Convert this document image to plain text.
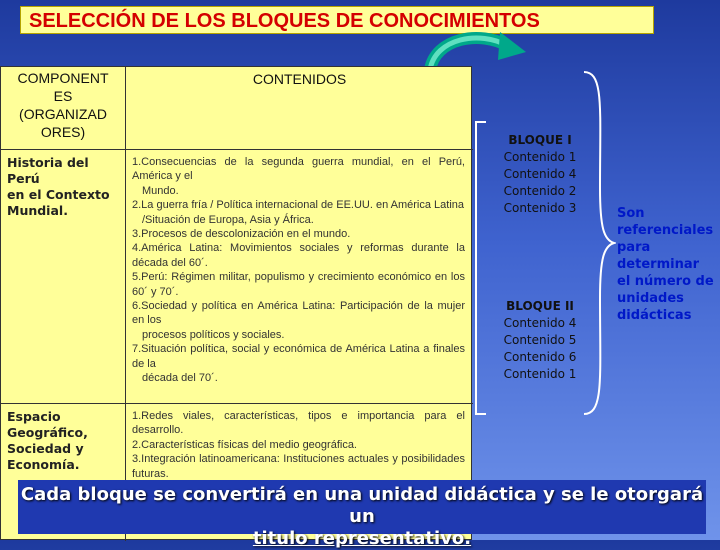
SELECCIÓN DE LOS BLOQUES DE CONOCIMIENTOS
COMPONENT
ES
(ORGANIZAD
ORES)
CONTENIDOS
Historia del Perú
en el Contexto
Mundial.
1.Consecuencias de la segunda guerra mundial, en el Perú, América y el
Mundo.
2.La guerra fría / Política internacional de EE.UU. en América Latina
/Situación de Europa, Asia y África.
3.Procesos de descolonización en el mundo.
4.América Latina: Movimientos sociales y reformas durante la década del 60´.
5.Perú: Régimen militar, populismo y crecimiento económico en los 60´ y 70´.
6.Sociedad y política en América Latina: Participación de la mujer en los
procesos políticos y sociales.
7.Situación política, social y económica de América Latina a finales de la
década del 70´.
Espacio
Geográfico,
Sociedad y
Economía.
1.Redes viales, características, tipos e importancia para el desarrollo.
2.Características físicas del medio geográfica.
3.Integración latinoamericana: Instituciones actuales y posibilidades futuras.
BLOQUE I
Contenido 1
Contenido 4
Contenido 2
Contenido 3
BLOQUE II
Contenido 4
Contenido 5
Contenido 6
Contenido 1
Son
referenciales
para
determinar
el número de
unidades
didácticas
Cada bloque se convertirá en una unidad didáctica y se le otorgará un
titulo representativo.
